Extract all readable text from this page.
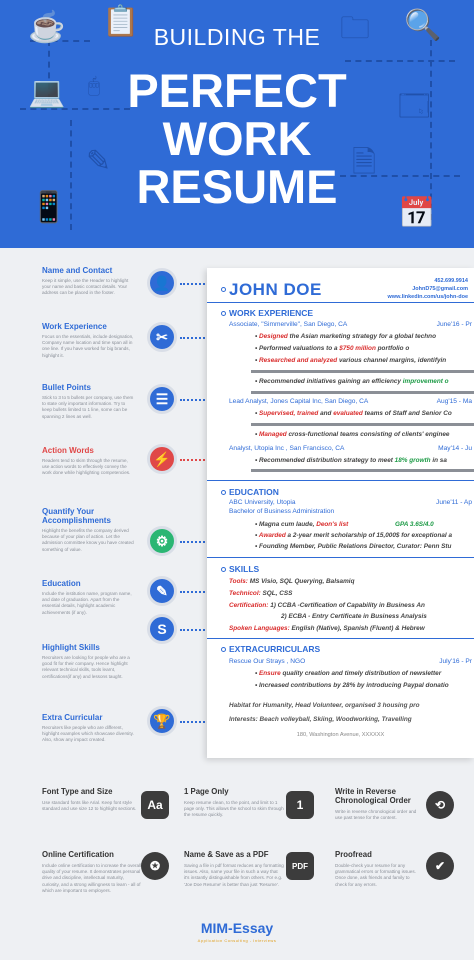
☕ 📋	🗀 🔍
💻 🖱
🗔
✎	🗎
📱	📅
BUILDING THE
PERFECT
WORK
RESUME
Name and Contact

Keep it simple, use the Header to highlight your name and basic contact details. Your address can be placed in the footer.

Work Experience

Focus on the essentials, include designation, Company name location and time span all in one line. If you have worked for big brands, highlight it.

Bullet Points

Stick to 3 to 5 bullets per company, use them to state only important information. Try to keep bullets limited to 1 line, some can be spanning 2 lines as well.

Action Words

Readers tend to skim through the resume, use action words to effectively convey the work done while highlighting competencies.

Quantify Your Accomplishments

Highlight the benefits the company derived because of your plan of action. Let the admission committee know you have created something of value.

Education

Include the institution name, program name, and date of graduation. Apart from the essential details, highlight academic achievements (if any).

Highlight Skills

Recruiters are looking for people who are a good fit for their company. Hence highlight relevant technical skills, tools learnt, certifications(if any) and lessons taught.

Extra Curricular

Recruiters like people who are different, highlight examples which showcase diversity. Also, show any impact created.

👤
✂
☰
⚡
⚙
✎
S
🏆
JOHN DOE	452.699.9914
JohnD75@gmail.com
www.linkedin.com/us/john-doe
WORK EXPERIENCE
Associate, "Simmerville", San Diego, CA	June'16 - Pr
• Designed the Asian marketing strategy for a global techno
• Performed valuations to a $750 million portfolio o
• Researched and analyzed various channel margins, identifyin
• Recommended initiatives gaining an efficiency improvement o
Lead Analyst, Jones Capital Inc, San Diego, CA	Aug'15 - Ma
• Supervised, trained and evaluated teams of Staff and Senior Co
• Managed cross-functional teams consisting of clients' enginee
Analyst, Utopia Inc , San Francisco, CA	May'14 - Ju
• Recommended distribution strategy to meet 18% growth in sa
EDUCATION
ABC University, Utopia	June'11 - Ap
Bachelor of Business Administration
• Magna cum laude, Deon's list	GPA 3.6S/4.0
• Awarded a 2-year merit scholarship of 15,000$ for exceptional a
• Founding Member, Public Relations Director, Curator: Penn Stu
SKILLS
Tools: MS Visio, SQL Querying, Balsamiq
Technicol: SQL, CSS
Certification: 1) CCBA -Certification of Capability in Business An
2) ECBA - Entry Certificate in Business Analysis
Spoken Languages: English (Native), Spanish (Fluent) & Hebrew
EXTRACURRICULARS
Rescue Our Strays , NGO	July'16 - Pr
• Ensure quality creation and timely distribution of newsletter
• Increased contributions by 28% by introducing Paypal donatio
Habitat for Humanity, Head Volunteer, organised 3 housing pro
Interests: Beach volleyball, Skiing, Woodworking, Travelling
180, Washington Avenue, XXXXXX
Font Type and Size

Use standard fonts like Arial. Keep font style standard and use size 12 to highlight sections. Aa
1 Page Only

Keep resume clean, to the point, and limit to 1 page only. This allows the school to skim through the resume quickly.

1
Write in Reverse Chronological Order

Write in reverse chronological order and use past tense for the content.

⟲
Online Certification

Include online certification to increase the overall quality of your resume. It demonstrates personal drive and discipline, intellectual maturity, curiosity, and a strong willingness to learn - all of which are important to employers.

✪
Name & Save as a PDF

Saving a file in pdf format reduces any formatting issues. Also, name your file in such a way that it's instantly distinguishable from others. For e.g. 'Joe Doe Resume' is better than just 'Resume'.

PDF
Proofread

Double-check your resume for any grammatical errors or formatting issues. Once done, ask friends and family to check for any errors.

✔
MIM-Essay
Application Consulting - Interviews
